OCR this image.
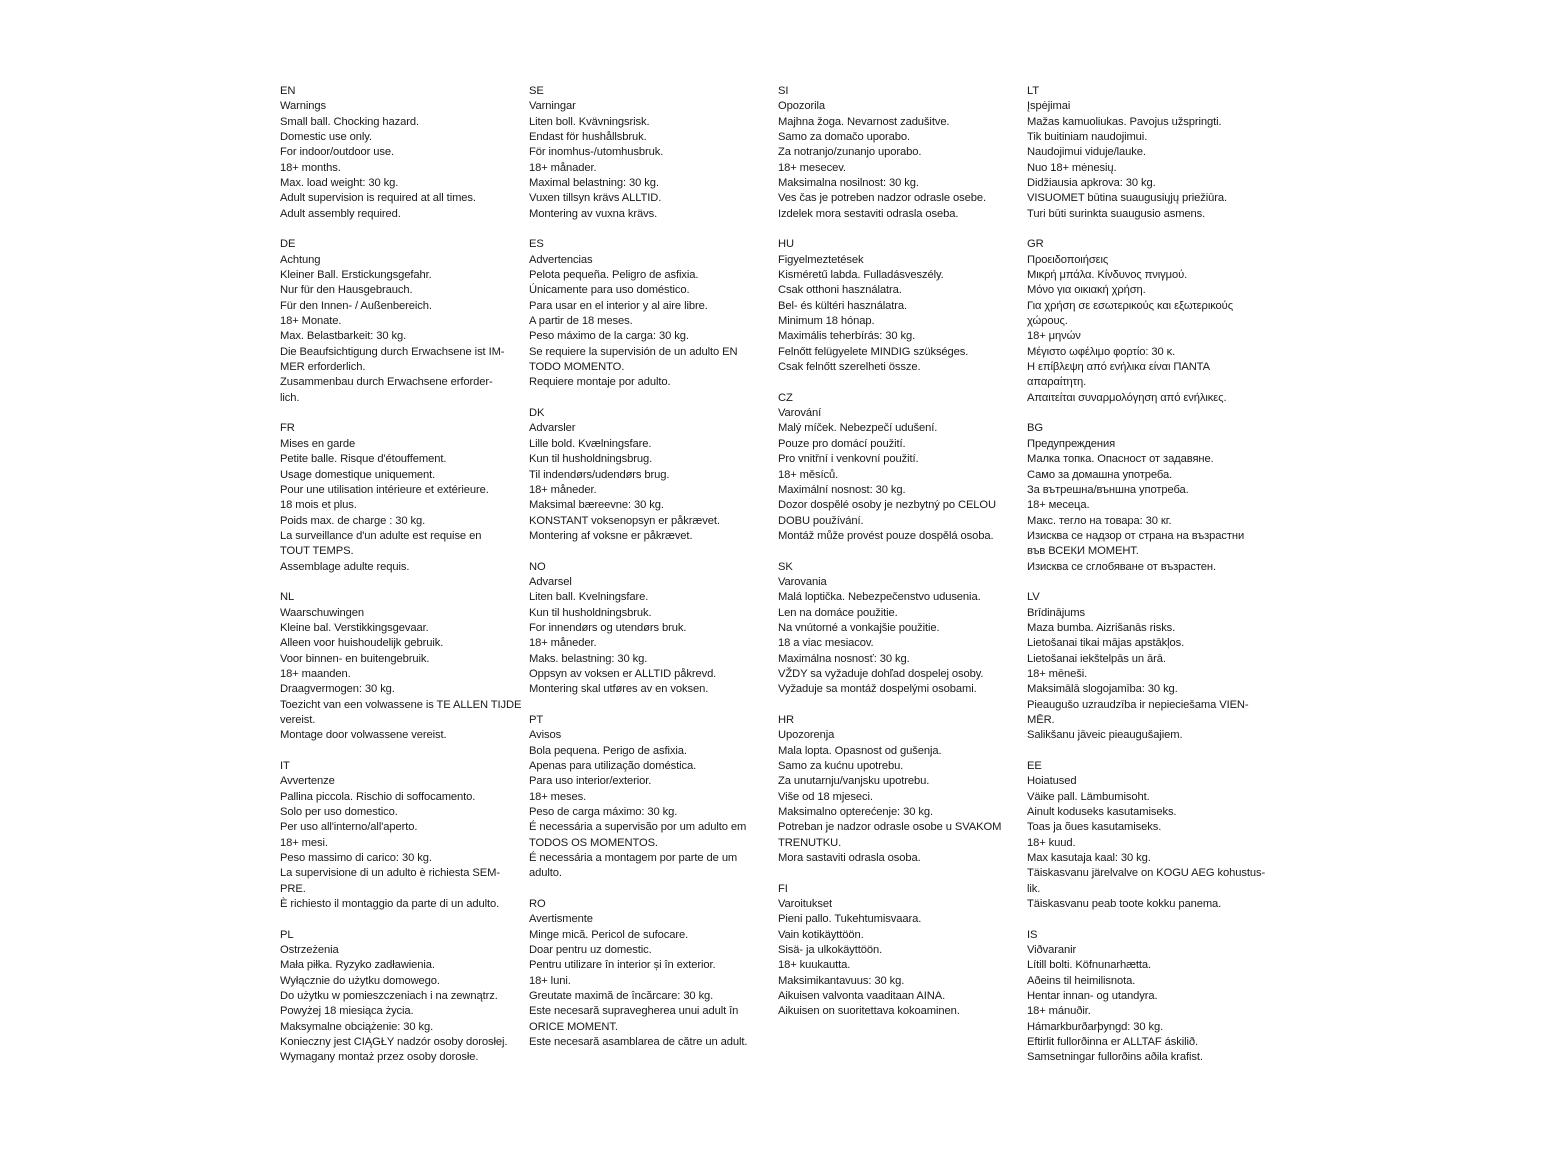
EN
Warnings
Small ball. Chocking hazard.
Domestic use only.
For indoor/outdoor use.
18+ months.
Max. load weight: 30 kg.
Adult supervision is required at all times.
Adult assembly required.
DE
Achtung
Kleiner Ball. Erstickungsgefahr.
Nur für den Hausgebrauch.
Für den Innen- / Außenbereich.
18+ Monate.
Max. Belastbarkeit: 30 kg.
Die Beaufsichtigung durch Erwachsene ist IM-
MER erforderlich.
Zusammenbau durch Erwachsene erforder-
lich.
FR
Mises en garde
Petite balle. Risque d'étouffement.
Usage domestique uniquement.
Pour une utilisation intérieure et extérieure.
18 mois et plus.
Poids max. de charge : 30 kg.
La surveillance d'un adulte est requise en
TOUT TEMPS.
Assemblage adulte requis.
NL
Waarschuwingen
Kleine bal. Verstikkingsgevaar.
Alleen voor huishoudelijk gebruik.
Voor binnen- en buitengebruik.
18+ maanden.
Draagvermogen: 30 kg.
Toezicht van een volwassene is TE ALLEN TIJDE
vereist.
Montage door volwassene vereist.
IT
Avvertenze
Pallina piccola. Rischio di soffocamento.
Solo per uso domestico.
Per uso all'interno/all'aperto.
18+ mesi.
Peso massimo di carico: 30 kg.
La supervisione di un adulto è richiesta SEM-
PRE.
È richiesto il montaggio da parte di un adulto.
PL
Ostrzeżenia
Mała piłka. Ryzyko zadławienia.
Wyłącznie do użytku domowego.
Do użytku w pomieszczeniach i na zewnątrz.
Powyżej 18 miesiąca życia.
Maksymalne obciążenie: 30 kg.
Konieczny jest CIĄGŁY nadzór osoby dorosłej.
Wymagany montaż przez osoby dorosłe.
SE
Varningar
Liten boll. Kvävningsrisk.
Endast för hushållsbruk.
För inomhus-/utomhusbruk.
18+ månader.
Maximal belastning: 30 kg.
Vuxen tillsyn krävs ALLTID.
Montering av vuxna krävs.
ES
Advertencias
Pelota pequeña. Peligro de asfixia.
Únicamente para uso doméstico.
Para usar en el interior y al aire libre.
A partir de 18 meses.
Peso máximo de la carga: 30 kg.
Se requiere la supervisión de un adulto EN
TODO MOMENTO.
Requiere montaje por adulto.
DK
Advarsler
Lille bold. Kvælningsfare.
Kun til husholdningsbrug.
Til indendørs/udendørs brug.
18+ måneder.
Maksimal bæreevne: 30 kg.
KONSTANT voksenopsyn er påkrævet.
Montering af voksne er påkrævet.
NO
Advarsel
Liten ball. Kvelningsfare.
Kun til husholdningsbruk.
For innendørs og utendørs bruk.
18+ måneder.
Maks. belastning: 30 kg.
Oppsyn av voksen er ALLTID påkrevd.
Montering skal utføres av en voksen.
PT
Avisos
Bola pequena. Perigo de asfixia.
Apenas para utilização doméstica.
Para uso interior/exterior.
18+ meses.
Peso de carga máximo: 30 kg.
É necessária a supervisão por um adulto em
TODOS OS MOMENTOS.
É necessária a montagem por parte de um
adulto.
RO
Avertismente
Minge mică. Pericol de sufocare.
Doar pentru uz domestic.
Pentru utilizare în interior și în exterior.
18+ luni.
Greutate maximă de încărcare: 30 kg.
Este necesară supravegherea unui adult în
ORICE MOMENT.
Este necesară asamblarea de către un adult.
SI
Opozorila
Majhna žoga. Nevarnost zadušitve.
Samo za domačo uporabo.
Za notranjo/zunanjo uporabo.
18+ mesecev.
Maksimalna nosilnost: 30 kg.
Ves čas je potreben nadzor odrasle osebe.
Izdelek mora sestaviti odrasla oseba.
HU
Figyelmeztetések
Kisméretű labda. Fulladásveszély.
Csak otthoni használatra.
Bel- és kültéri használatra.
Minimum 18 hónap.
Maximális teherbírás: 30 kg.
Felnőtt felügyelete MINDIG szükséges.
Csak felnőtt szerelheti össze.
CZ
Varování
Malý míček. Nebezpečí udušení.
Pouze pro domácí použití.
Pro vnitřní i venkovní použití.
18+ měsíců.
Maximální nosnost: 30 kg.
Dozor dospělé osoby je nezbytný po CELOU
DOBU používání.
Montáž může provést pouze dospělá osoba.
SK
Varovania
Malá loptička. Nebezpečenstvo udusenia.
Len na domáce použitie.
Na vnútorné a vonkajšie použitie.
18 a viac mesiacov.
Maximálna nosnosť: 30 kg.
VŽDY sa vyžaduje dohľad dospelej osoby.
Vyžaduje sa montáž dospelými osobami.
HR
Upozorenja
Mala lopta. Opasnost od gušenja.
Samo za kućnu upotrebu.
Za unutarnju/vanjsku upotrebu.
Više od 18 mjeseci.
Maksimalno opterećenje: 30 kg.
Potreban je nadzor odrasle osobe u SVAKOM
TRENUTKU.
Mora sastaviti odrasla osoba.
FI
Varoitukset
Pieni pallo. Tukehtumisvaara.
Vain kotikäyttöön.
Sisä- ja ulkokäyttöön.
18+ kuukautta.
Maksimikantavuus: 30 kg.
Aikuisen valvonta vaaditaan AINA.
Aikuisen on suoritettava kokoaminen.
LT
Įspėjimai
Mažas kamuoliukas. Pavojus užspringti.
Tik buitiniam naudojimui.
Naudojimui viduje/lauke.
Nuo 18+ mėnesių.
Didžiausia apkrova: 30 kg.
VISUOMET būtina suaugusiųjų priežiūra.
Turi būti surinkta suaugusio asmens.
GR
Προειδοποιήσεις
Μικρή μπάλα. Κίνδυνος πνιγμού.
Μόνο για οικιακή χρήση.
Για χρήση σε εσωτερικούς και εξωτερικούς
χώρους.
18+ μηνών
Μέγιστο ωφέλιμο φορτίο: 30 κ.
Η επίβλεψη από ενήλικα είναι ΠΑΝΤΑ
απαραίτητη.
Απαιτείται συναρμολόγηση από ενήλικες.
BG
Предупреждения
Малка топка. Опасност от задавяне.
Само за домашна употреба.
За вътрешна/външна употреба.
18+ месеца.
Макс. тегло на товара: 30 кг.
Изисква се надзор от страна на възрастни
във ВСЕКИ МОМЕНТ.
Изисква се сглобяване от възрастен.
LV
Brīdinājums
Maza bumba. Aizrišanās risks.
Lietošanai tikai mājas apstākļos.
Lietošanai iekštelpās un ārā.
18+ mēneši.
Maksimālā slogojamība: 30 kg.
Pieaugušo uzraudzība ir nepieciešama VIEN-
MĒR.
Salikšanu jāveic pieaugušajiem.
EE
Hoiatused
Väike pall. Lämbumisoht.
Ainult koduseks kasutamiseks.
Toas ja õues kasutamiseks.
18+ kuud.
Max kasutaja kaal: 30 kg.
Täiskasvanu järelvalve on KOGU AEG kohustus-
lik.
Täiskasvanu peab toote kokku panema.
IS
Viðvaranir
Lítill bolti. Köfnunarhætta.
Aðeins til heimilisnota.
Hentar innan- og utandyra.
18+ mánuðir.
Hámarkburðarþyngd: 30 kg.
Eftirlit fullorðinna er ALLTAF áskilið.
Samsetningar fullorðins aðila krafist.
